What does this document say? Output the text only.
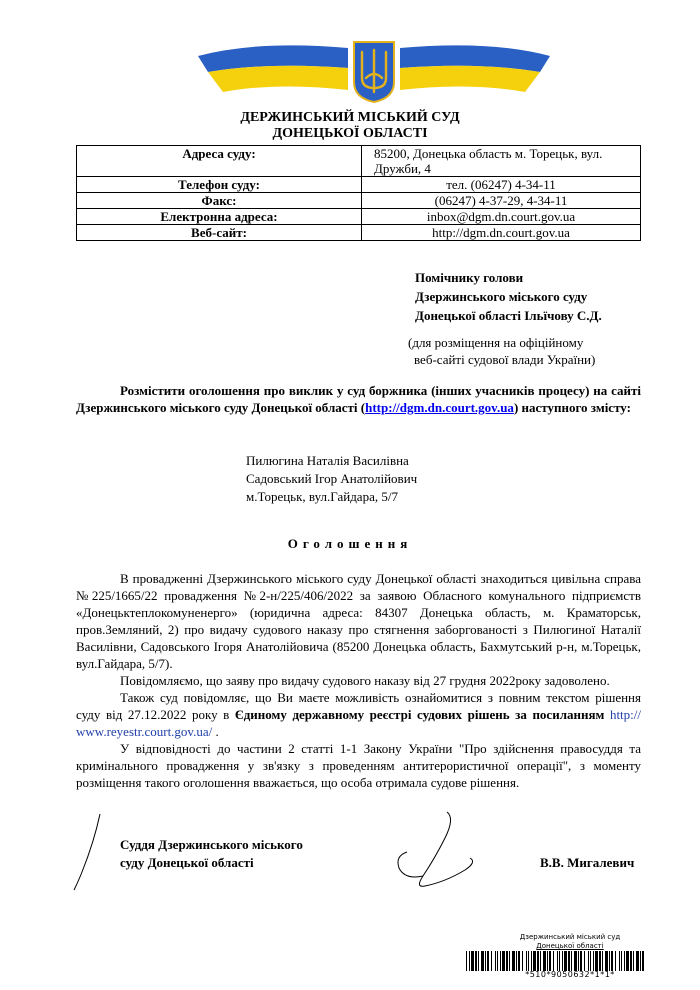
ДЕРЖИНСЬКИЙ МІСЬКИЙ СУД
ДОНЕЦЬКОЇ ОБЛАСТІ
Адреса суду:	85200, Донецька область м. Торецьк, вул. Дружби, 4
Телефон суду:	тел. (06247) 4-34-11
Факс:	(06247) 4-37-29, 4-34-11
Електронна адреса:	inbox@dgm.dn.court.gov.ua
Веб-сайт:	http://dgm.dn.court.gov.ua
Помічнику голови
Дзержинського міського суду
Донецької області Ільїчову С.Д.
(для розміщення на офіційному
веб-сайті судової влади України)
Розмістити оголошення про виклик у суд боржника (інших учасників процесу) на сайті Дзержинського міського суду Донецької області (http://dgm.dn.court.gov.ua) наступного змісту:
Пилюгина Наталія Василівна
Садовський Ігор Анатолійович
м.Торецьк, вул.Гайдара, 5/7
Оголошення

В провадженні Дзержинського міського суду Донецької області знаходиться цивільна справа №225/1665/22 провадження №2-н/225/406/2022 за заявою Обласного комунального підприємств «Донецьктеплокомуненерго» (юридична адреса: 84307 Донецька область, м. Краматорськ, пров.Земляний, 2) про видачу судового наказу про стягнення заборгованості з Пилюгиної Наталії Василівни, Садовського Ігоря Анатолійовича (85200 Донецька область, Бахмутський р-н, м.Торецьк, вул.Гайдара, 5/7).

Повідомляємо, що заяву про видачу судового наказу від 27 грудня 2022року задоволено.

Також суд повідомляє, що Ви маєте можливість ознайомитися з повним текстом рішення суду від 27.12.2022 року в Єдиному державному реєстрі судових рішень за посиланням http:// www.reyestr.court.gov.ua/ .

У відповідності до частини 2 статті 1-1 Закону України "Про здійснення правосуддя та кримінального провадження у зв'язку з проведенням антитерористичної операції", з моменту розміщення такого оголошення вважається, що особа отримала судове рішення.

Суддя Дзержинського міського
суду Донецької області	В.В. Мигалевич
Дзержинський міський суд
Донецької області
*510*9050632*1*1*
